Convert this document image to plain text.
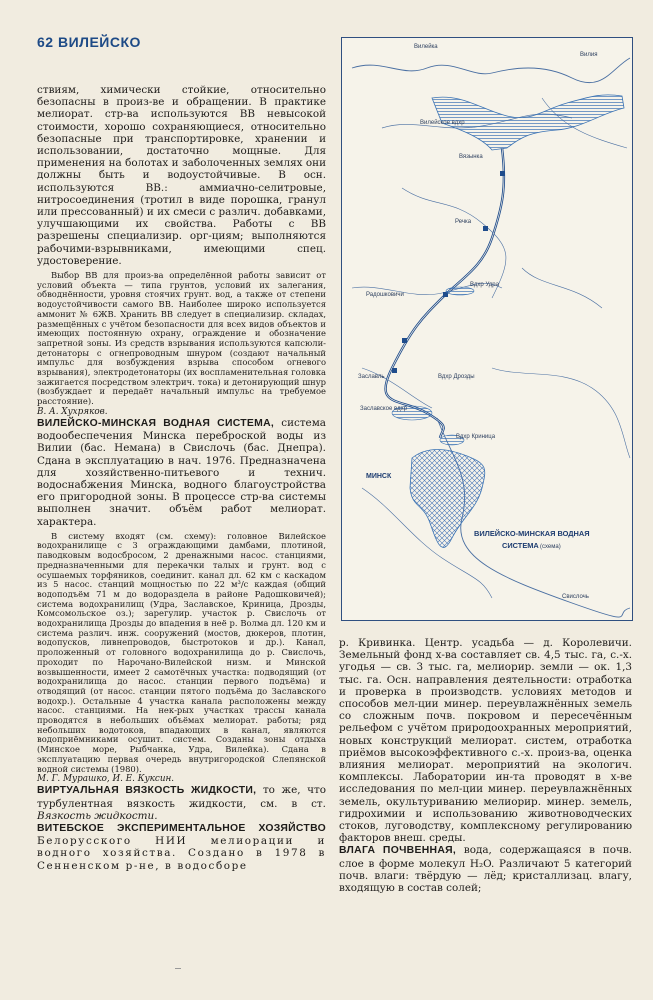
62 ВИЛЕЙСКО

ствиям, химически стойкие, относительно безопасны в произ-ве и обращении. В практике мелиорат. стр-ва используются ВВ невысокой стоимости, хорошо сохраняющиеся, относительно безопасные при транспортировке, хранении и использовании, достаточно мощные. Для применения на болотах и заболоченных землях они должны быть и водоустойчивые. В осн. используются ВВ.: аммиачно-селитровые, нитросоединения (тротил в виде порошка, гранул или прессованный) и их смеси с различ. добавками, улучшающими их свойства. Работы с ВВ разрешены специализир. орг-циям; выполняются рабочими-взрывниками, имеющими спец. удостоверение.

Выбор ВВ для произ-ва определённой работы зависит от условий объекта — типа грунтов, условий их залегания, обводнённости, уровня стоячих грунт. вод, а также от степени водоустойчивости самого ВВ. Наиболее широко используется аммонит № 6ЖВ. Хранить ВВ следует в специализир. складах, размещённых с учётом безопасности для всех видов объектов и имеющих постоянную охрану, ограждение и обозначение запретной зоны. Из средств взрывания используются капсюли-детонаторы с огнепроводным шнуром (создают начальный импульс для возбуждения взрыва способом огневого взрывания), электродетонаторы (их воспламенительная головка зажигается посредством электрич. тока) и детонирующий шнур (возбуждает и передаёт начальный импульс на требуемое расстояние).

В. А. Хухряков.

ВИЛЕЙСКО-МИНСКАЯ ВОДНАЯ СИСТЕМА, система водообеспечения Минска переброской воды из Вилии (бас. Немана) в Свислочь (бас. Днепра). Сдана в эксплуатацию в нач. 1976. Предназначена для хозяйственно-питьевого и технич. водоснабжения Минска, водного благоустройства его пригородной зоны. В процессе стр-ва системы выполнен значит. объём работ мелиорат. характера.

В систему входят (см. схему): головное Вилейское водохранилище с 3 ограждающими дамбами, плотиной, паводковым водосбросом, 2 дренажными насос. станциями, предназначенными для перекачки талых и грунт. вод с осушаемых торфяников, соединит. канал дл. 62 км с каскадом из 5 насос. станций мощностью по 22 м³/с каждая (общий водоподъём 71 м до водораздела в районе Радошковичей); система водохранилищ (Удра, Заславское, Криница, Дрозды, Комсомольское оз.); зарегулир. участок р. Свислочь от водохранилища Дрозды до впадения в неё р. Волма дл. 120 км и система различ. инж. сооружений (мостов, дюкеров, плотин, водопусков, ливнепроводов, быстротоков и др.). Канал, проложенный от головного водохранилища до р. Свислочь, проходит по Нарочано-Вилейской низм. и Минской возвышенности, имеет 2 самотёчных участка: подводящий (от водохранилища до насос. станции первого подъёма) и отводящий (от насос. станции пятого подъёма до Заславского водохр.). Остальные 4 участка канала расположены между насос. станциями. На нек-рых участках трассы канала проводятся в небольших объёмах мелиорат. работы; ряд небольших водотоков, впадающих в канал, являются водоприёмниками осушит. систем. Созданы зоны отдыха (Минское море, Рыбчанка, Удра, Вилейка). Сдана в эксплуатацию первая очередь внутригородской Слепянской водной системы (1980).

М. Г. Мурашко, И. Е. Куксин.

ВИРТУАЛЬНАЯ ВЯЗКОСТЬ ЖИДКОСТИ, то же, что турбулентная вязкость жидкости, см. в ст. Вязкость жидкости.

ВИТЕБСКОЕ ЭКСПЕРИМЕНТАЛЬНОЕ ХОЗЯЙСТВО Белорусского НИИ мелиорации и водного хозяйства. Создано в 1978 в Сенненском р-не, в водосборе

Вилейка
Вилейское вдхр
Вязынка
Речка
Радошковичи
Вдхр Удра
Заславль	Вдхр Дрозды
Заславское вдхр
Вдхр Криница
МИНСК
Свислочь
Вилия
ВИЛЕЙСКО-МИНСКАЯ ВОДНАЯ
СИСТЕМА (схема)

р. Кривинка. Центр. усадьба — д. Королевичи. Земельный фонд х-ва составляет св. 4,5 тыс. га, с.-х. угодья — св. 3 тыс. га, мелиорир. земли — ок. 1,3 тыс. га. Осн. направления деятельности: отработка и проверка в производств. условиях методов и способов мел-ции минер. переувлажнённых земель со сложным почв. покровом и пересечённым рельефом с учётом природоохранных мероприятий, новых конструкций мелиорат. систем, отработка приёмов высокоэффективного с.-х. произ-ва, оценка влияния мелиорат. мероприятий на экологич. комплексы. Лаборатории ин-та проводят в х-ве исследования по мел-ции минер. переувлажнённых земель, окультуриванию мелиорир. минер. земель, гидрохимии и использованию животноводческих стоков, луговодству, комплексному регулированию факторов внеш. среды.

ВЛАГА ПОЧВЕННАЯ, вода, содержащаяся в почв. слое в форме молекул H₂O. Различают 5 категорий почв. влаги: твёрдую — лёд; кристаллизац. влагу, входящую в состав солей;
